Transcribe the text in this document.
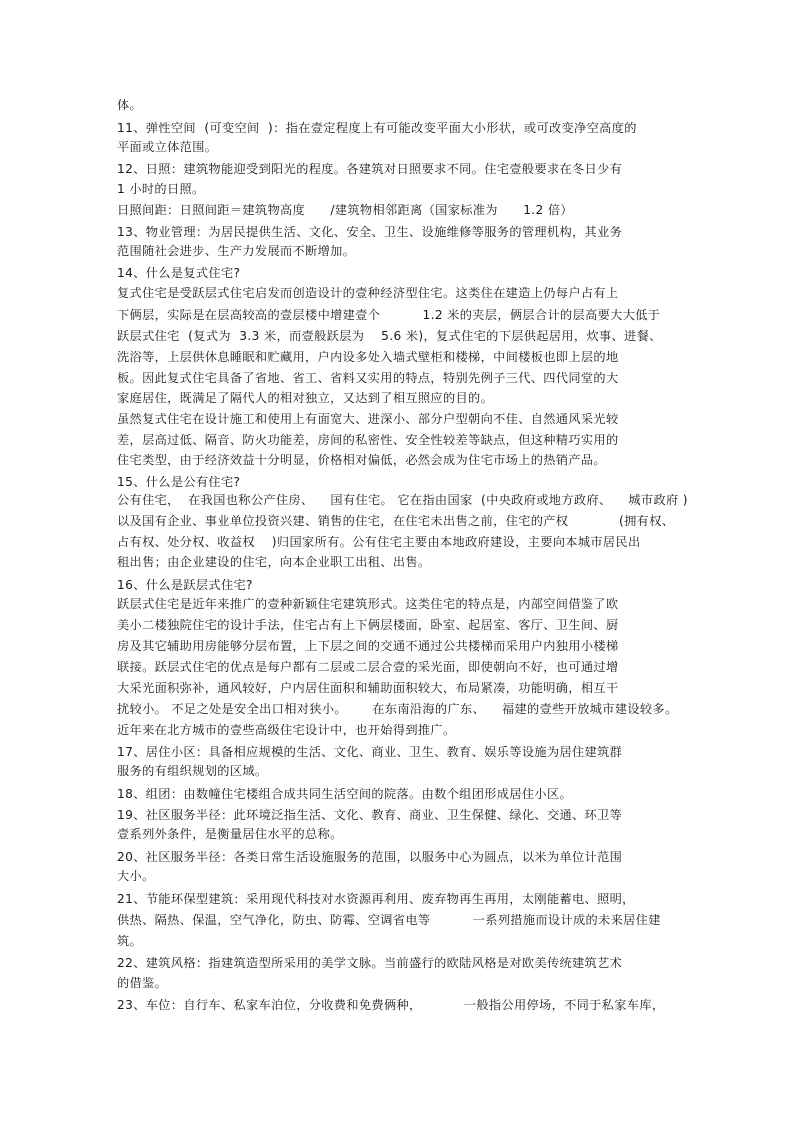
体。
11、弹性空间  (可变空间  )：指在壹定程度上有可能改变平面大小形状，或可改变净空高度的
平面或立体范围。
12、日照：建筑物能迎受到阳光的程度。各建筑对日照要求不同。住宅壹般要求在冬日少有
1 小时的日照。
日照间距：日照间距＝建筑物高度      /建筑物相邻距离（国家标准为      1.2 倍）
13、物业管理：为居民提供生活、文化、安全、卫生、设施维修等服务的管理机构，其业务
范围随社会进步、生产力发展而不断增加。
14、什么是复式住宅?
复式住宅是受跃层式住宅启发而创造设计的壹种经济型住宅。这类住在建造上仍每户占有上
下俩层，实际是在层高较高的壹层楼中增建壹个          1.2 米的夹层，俩层合计的层高要大大低于
跃层式住宅  (复式为  3.3 米，而壹般跃层为    5.6 米)，复式住宅的下层供起居用，炊事、进餐、
洗浴等，上层供休息睡眠和贮藏用，户内设多处入墙式壁柜和楼梯，中间楼板也即上层的地
板。因此复式住宅具备了省地、省工、省料又实用的特点，特别先例子三代、四代同堂的大
家庭居住，既满足了隔代人的相对独立，又达到了相互照应的目的。
虽然复式住宅在设计施工和使用上有面宽大、进深小、部分户型朝向不佳、自然通风采光较
差，层高过低、隔音、防火功能差，房间的私密性、安全性较差等缺点，但这种精巧实用的
住宅类型，由于经济效益十分明显，价格相对偏低，必然会成为住宅市场上的热销产品。
15、什么是公有住宅?
公有住宅，  在我国也称公产住房、    国有住宅。 它在指由国家  (中央政府或地方政府、    城市政府 )
以及国有企业、事业单位投资兴建、销售的住宅，在住宅未出售之前，住宅的产权            (拥有权、
占有权、处分权、收益权    )归国家所有。公有住宅主要由本地政府建设，主要向本城市居民出
租出售；由企业建设的住宅，向本企业职工出租、出售。
16、什么是跃层式住宅?
跃层式住宅是近年来推广的壹种新颖住宅建筑形式。这类住宅的特点是，内部空间借鉴了欧
美小二楼独院住宅的设计手法，住宅占有上下俩层楼面，卧室、起居室、客厅、卫生间、厨
房及其它辅助用房能够分层布置，上下层之间的交通不通过公共楼梯而采用户内独用小楼梯
联接。跃层式住宅的优点是每户都有二层或二层合壹的采光面，即使朝向不好，也可通过增
大采光面积弥补，通风较好，户内居住面积和辅助面积较大，布局紧凑，功能明确，相互干
扰较小。 不足之处是安全出口相对狭小。      在东南沿海的广东、    福建的壹些开放城市建设较多。
近年来在北方城市的壹些高级住宅设计中，也开始得到推广。
17、居住小区：具备相应规模的生活、文化、商业、卫生、教育、娱乐等设施为居住建筑群
服务的有组织规划的区域。
18、组团：由数幢住宅楼组合成共同生活空间的院落。由数个组团形成居住小区。
19、社区服务半径：此环境泛指生活、文化、教育、商业、卫生保健、绿化、交通、环卫等
壹系列外条件，是衡量居住水平的总称。
20、社区服务半径：各类日常生活设施服务的范围，以服务中心为圆点，以米为单位计范围
大小。
21、节能环保型建筑：采用现代科技对水资源再利用、废弃物再生再用，太刚能蓄电、照明，
供热、隔热、保温，空气净化，防虫、防霉、空调省电等          一系列措施而设计成的未来居住建
筑。
22、建筑风格：指建筑造型所采用的美学文脉。当前盛行的欧陆风格是对欧美传统建筑艺术
的借鉴。
23、车位：自行车、私家车泊位，分收费和免费俩种，          一般指公用停场，不同于私家车库，
